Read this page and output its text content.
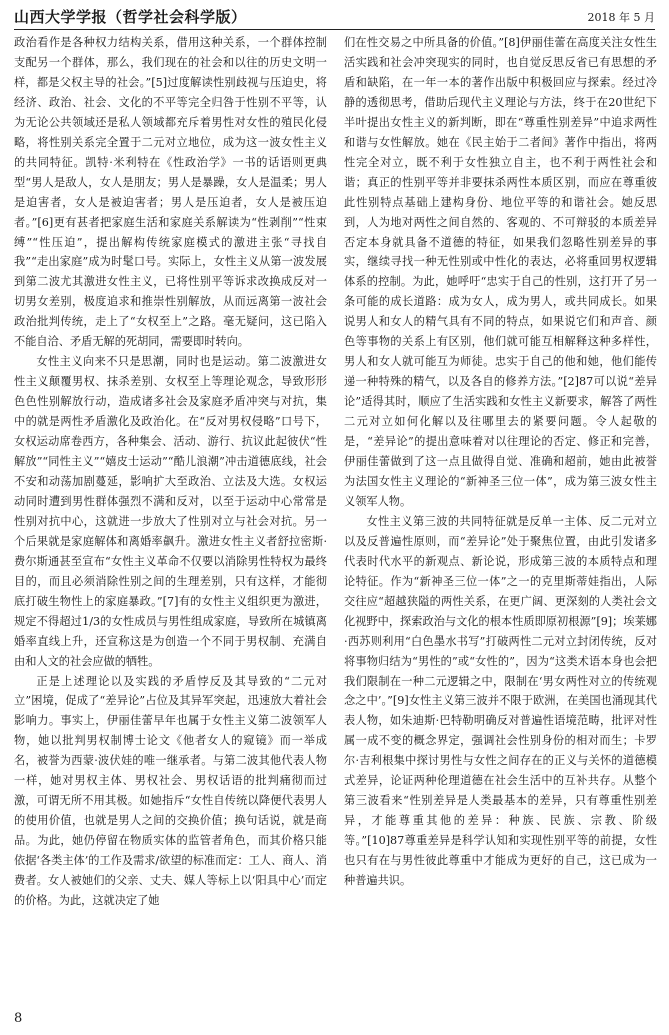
山西大学学报（哲学社会科学版）	2018 年 5 月

政治看作是各种权力结构关系，借用这种关系，一个群体控制支配另一个群体，那么，我们现在的社会和以往的历史文明一样，都是父权主导的社会。”[5]过度解读性别歧视与压迫史，将经济、政治、社会、文化的不平等完全归咎于性别不平等，认为无论公共领域还是私人领域都充斥着男性对女性的殖民化侵略，将性别关系完全置于二元对立地位，成为这一波女性主义的共同特征。凯特·米利特在《性政治学》一书的话语则更典型“男人是敌人，女人是朋友；男人是暴躁，女人是温柔；男人是迫害者，女人是被迫害者；男人是压迫者，女人是被压迫者。”[6]更有甚者把家庭生活和家庭关系解读为“性剥削”“性束缚”“性压迫”，提出解构传统家庭模式的激进主张“寻找自我”“走出家庭”成为时髦口号。实际上，女性主义从第一波发展到第二波尤其激进女性主义，已将性别平等诉求改换成反对一切男女差别，极度追求和推崇性别解放，从而远离第一波社会政治批判传统，走上了“女权至上”之路。毫无疑问，这已陷入不能自洽、矛盾无解的死胡同，需要即时转向。

女性主义向来不只是思潮，同时也是运动。第二波激进女性主义颠覆男权、抹杀差别、女权至上等理论观念，导致形形色色性别解放行动，造成诸多社会及家庭矛盾冲突与对抗，集中的就是两性矛盾激化及政治化。在“反对男权侵略”口号下，女权运动席卷西方，各种集会、活动、游行、抗议此起彼伏“性解放”“同性主义”“嬉皮士运动”“酷儿浪潮”冲击道德底线，社会不安和动荡加剧蔓延，影响扩大至政治、立法及大选。女权运动同时遭到男性群体强烈不满和反对，以至于运动中心常常是性别对抗中心，这就进一步放大了性别对立与社会对抗。另一个后果就是家庭解体和离婚率飙升。激进女性主义者舒拉密斯·费尔斯通甚至宣布“女性主义革命不仅要以消除男性特权为最终目的，而且必须消除性别之间的生理差别，只有这样，才能彻底打破生物性上的家庭暴政。”[7]有的女性主义组织更为激进，规定不得超过1/3的女性成员与男性组成家庭，导致所在城镇离婚率直线上升，还宣称这是为创造一个不同于男权制、充满自由和人文的社会应做的牺牲。

正是上述理论以及实践的矛盾悖反及其导致的“二元对立”困境，促成了“差异论”占位及其异军突起，迅速放大着社会影响力。事实上，伊丽佳蕾早年也属于女性主义第二波领军人物，她以批判男权制博士论文《他者女人的窥镜》而一举成名，被誉为西蒙·波伏娃的唯一继承者。与第二波其他代表人物一样，她对男权主体、男权社会、男权话语的批判痛彻而过激，可谓无所不用其极。如她指斥“女性自传统以降便代表男人的使用价值，也就是男人之间的交换价值；换句话说，就是商品。为此，她仍停留在物质实体的监管者角色，而其价格只能依据‘各类主体’的工作及需求/欲望的标准而定：工人、商人、消费者。女人被她们的父亲、丈夫、媒人等标上以‘阳具中心’而定的价格。为此，这就决定了她

们在性交易之中所具备的价值。”[8]伊丽佳蕾在高度关注女性生活实践和社会冲突现实的同时，也自觉反思反省已有思想的矛盾和缺陷，在一年一本的著作出版中积极回应与探索。经过冷静的透彻思考，借助后现代主义理论与方法，终于在20世纪下半叶提出女性主义的新判断，即在“尊重性别差异”中追求两性和谐与女性解放。她在《民主始于二者间》著作中指出，将两性完全对立，既不利于女性独立自主，也不利于两性社会和谐；真正的性别平等并非要抹杀两性本质区别，而应在尊重彼此性别特点基础上建构身份、地位平等的和谐社会。她反思到，人为地对两性之间自然的、客观的、不可辩驳的本质差异否定本身就具备不道德的特征，如果我们忽略性别差异的事实，继续寻找一种无性别或中性化的表达，必将重回男权逻辑体系的控制。为此，她呼吁“忠实于自己的性别，这打开了另一条可能的成长道路：成为女人，成为男人，或共同成长。如果说男人和女人的精气具有不同的特点，如果说它们和声音、颜色等事物的关系上有区别，他们就可能互相解释这种多样性，男人和女人就可能互为师徒。忠实于自己的他和她，他们能传递一种特殊的精气，以及各自的修养方法。”[2]87可以说“差异论”适得其时，顺应了生活实践和女性主义新要求，解答了两性二元对立如何化解以及往哪里去的紧要问题。令人起敬的是，“差异论”的提出意味着对以往理论的否定、修正和完善，伊丽佳蕾做到了这一点且做得自觉、准确和超前，她由此被誉为法国女性主义理论的“新神圣三位一体”，成为第三波女性主义领军人物。

女性主义第三波的共同特征就是反单一主体、反二元对立以及反普遍性原则，而“差异论”处于聚焦位置，由此引发诸多代表时代水平的新观点、新论说，形成第三波的本质特点和理论特征。作为“新神圣三位一体”之一的克里斯蒂娃指出，人际交往应“超越狭隘的两性关系，在更广阔、更深刻的人类社会文化视野中，探索政治与文化的根本性质即原初根源”[9]；埃莱娜·西苏则利用“白色墨水书写”打破两性二元对立封闭传统，反对将事物归结为“男性的”或“女性的”，因为“这类术语本身也会把我们限制在一种二元逻辑之中，限制在‘男女两性对立的传统观念之中’。”[9]女性主义第三波并不限于欧洲，在美国也涌现其代表人物，如朱迪斯·巴特勒明确反对普遍性语境范畴，批评对性属一成不变的概念界定，强调社会性别身份的相对而生；卡罗尔·吉利根集中探讨男性与女性之间存在的正义与关怀的道德模式差异，论证两种伦理道德在社会生活中的互补共存。从整个第三波看来“性别差异是人类最基本的差异，只有尊重性别差异，才能尊重其他的差异：种族、民族、宗教、阶级等。”[10]87尊重差异是科学认知和实现性别平等的前提，女性也只有在与男性彼此尊重中才能成为更好的自己，这已成为一种普遍共识。

8
